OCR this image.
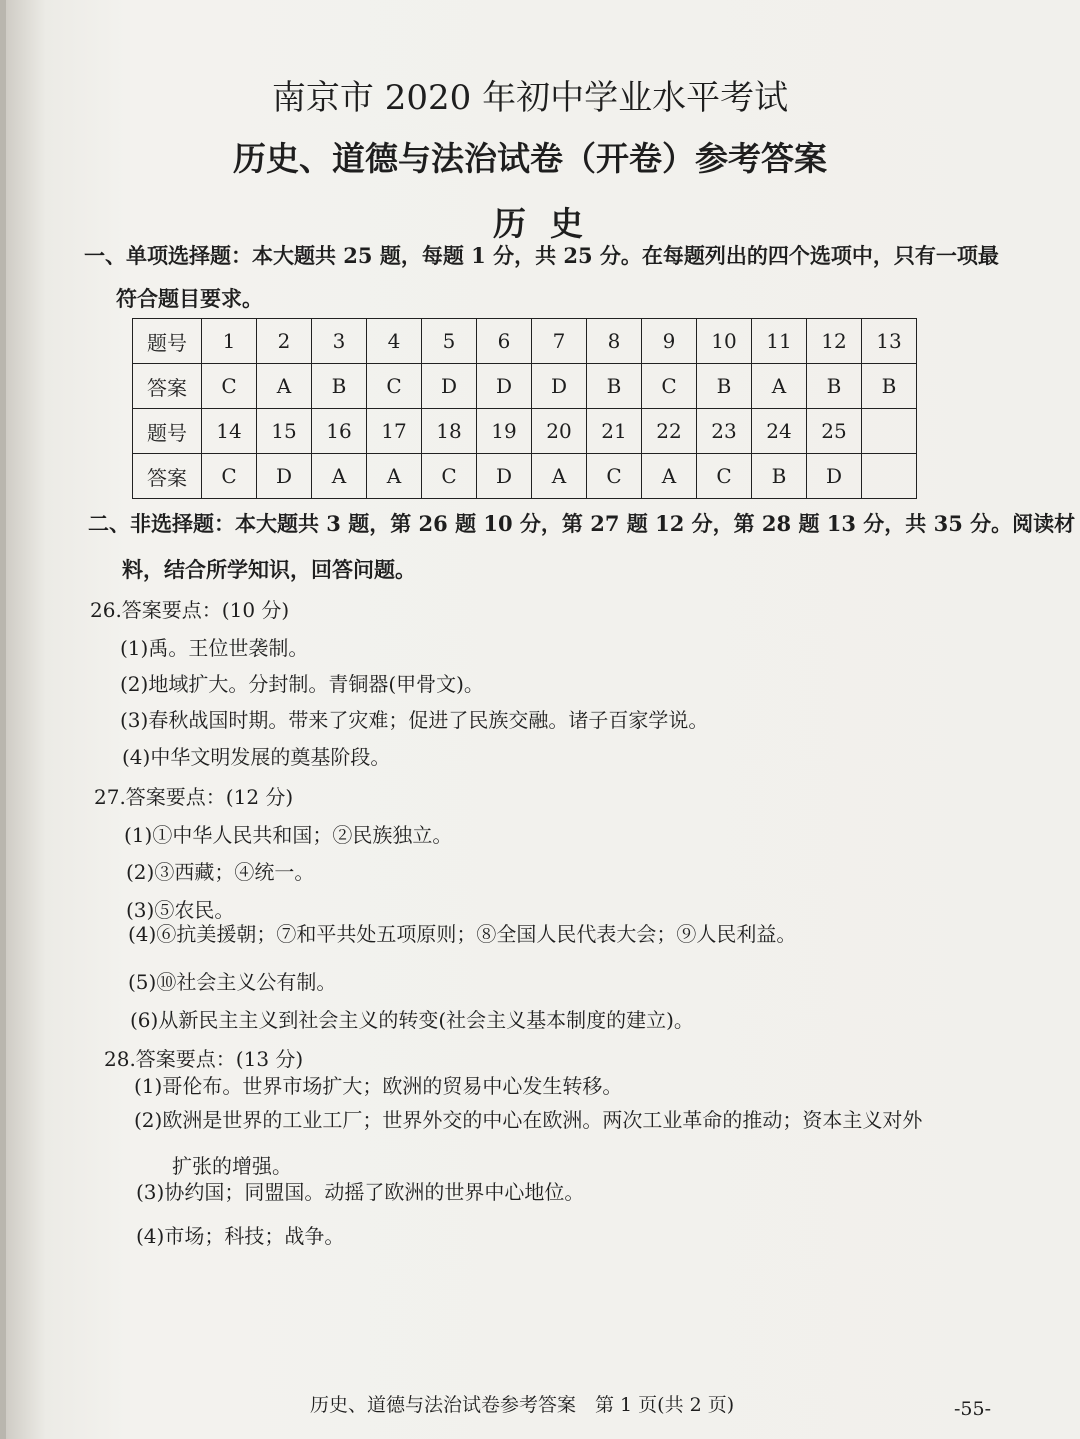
南京市 2020 年初中学业水平考试
历史、道德与法治试卷（开卷）参考答案
历史
一、单项选择题：本大题共 25 题，每题 1 分，共 25 分。在每题列出的四个选项中，只有一项最
符合题目要求。
题号	1	2	3	4	5	6	7	8	9	10	11	12	13
答案	C	A	B	C	D	D	D	B	C	B	A	B	B
题号	14	15	16	17	18	19	20	21	22	23	24	25	
答案	C	D	A	A	C	D	A	C	A	C	B	D	
二、非选择题：本大题共 3 题，第 26 题 10 分，第 27 题 12 分，第 28 题 13 分，共 35 分。阅读材
料，结合所学知识，回答问题。
26.答案要点：(10 分)
(1)禹。王位世袭制。
(2)地域扩大。分封制。青铜器(甲骨文)。
(3)春秋战国时期。带来了灾难；促进了民族交融。诸子百家学说。
(4)中华文明发展的奠基阶段。
27.答案要点：(12 分)
(1)①中华人民共和国；②民族独立。
(2)③西藏；④统一。
(3)⑤农民。
(4)⑥抗美援朝；⑦和平共处五项原则；⑧全国人民代表大会；⑨人民利益。
(5)⑩社会主义公有制。
(6)从新民主主义到社会主义的转变(社会主义基本制度的建立)。
28.答案要点：(13 分)
(1)哥伦布。世界市场扩大；欧洲的贸易中心发生转移。
(2)欧洲是世界的工业工厂；世界外交的中心在欧洲。两次工业革命的推动；资本主义对外
扩张的增强。
(3)协约国；同盟国。动摇了欧洲的世界中心地位。
(4)市场；科技；战争。
历史、道德与法治试卷参考答案　第 1 页(共 2 页)	-55-
